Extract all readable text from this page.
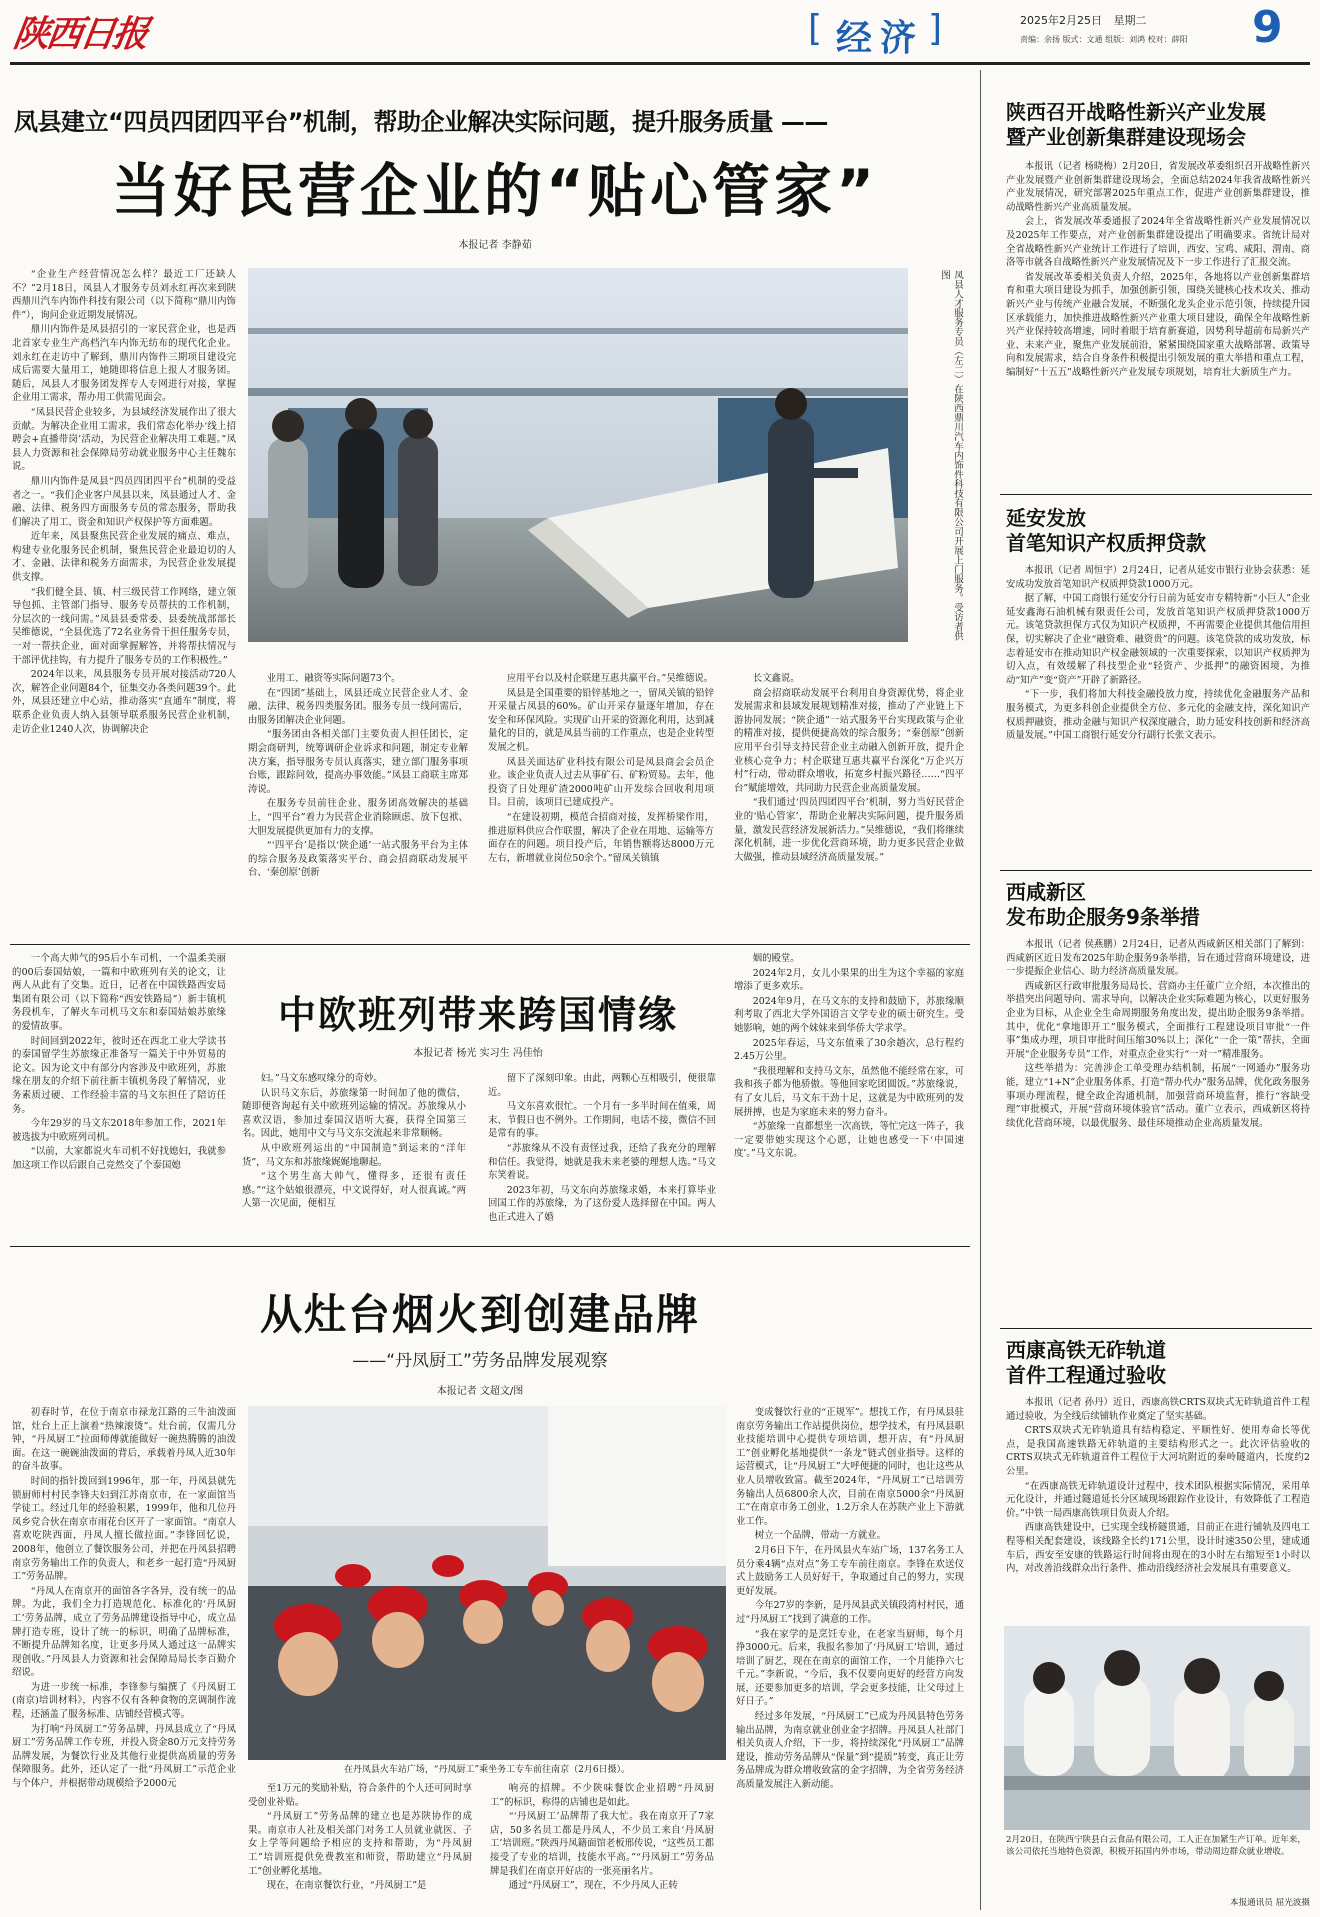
陕西日报	[ 经济 ]	2025年2月25日 星期二
责编：余扬 版式：文通 组版：刘鸿 校对：薛阳 9
凤县建立“四员四团四平台”机制，帮助企业解决实际问题，提升服务质量 ——
当好民营企业的“贴心管家”
本报记者 李静茹
凤县人才服务专员（左二）在陕西鼎川汽车内饰件科技有限公司开展上门服务。受访者供图

“企业生产经营情况怎么样？最近工厂还缺人不？”2月18日，凤县人才服务专员刘永红再次来到陕西鼎川汽车内饰件科技有限公司（以下简称“鼎川内饰件”），询问企业近期发展情况。

鼎川内饰件是凤县招引的一家民营企业，也是西北首家专业生产高档汽车内饰无纺布的现代化企业。刘永红在走访中了解到，鼎川内饰件三期项目建设完成后需要大量用工，她随即将信息上报人才服务团。随后，凤县人才服务团发挥专人专网进行对接，掌握企业用工需求，帮办用工供需见面会。

“凤县民营企业较多，为县域经济发展作出了很大贡献。为解决企业用工需求，我们常态化举办‘线上招聘会+直播带岗’活动，为民营企业解决用工难题。”凤县人力资源和社会保障局劳动就业服务中心主任魏东说。

鼎川内饰件是凤县“四员四团四平台”机制的受益者之一。“我们企业客户凤县以来，凤县通过人才、金融、法律、税务四方面服务专员的常态服务，帮助我们解决了用工、资金和知识产权保护等方面难题。

近年来，凤县聚焦民营企业发展的痛点、难点，构建专业化服务民企机制，聚焦民营企业最迫切的人才、金融、法律和税务方面需求，为民营企业发展提供支撑。

“我们健全县、镇、村三级民营工作网络，建立领导包抓、主管部门指导、服务专员帮扶的工作机制，分层次的一线问需。”凤县县委常委、县委统战部部长吴维德说，“全县优选了72名业务骨干担任服务专员，一对一帮扶企业，面对面掌握解答，并将帮扶情况与干部评优挂钩，有力提升了服务专员的工作积极性。”

2024年以来，凤县服务专员开展对接活动720人次，解答企业问题84个，征集交办各类问题39个。此外，凤县还建立中心站，推动落实“直通车”制度，将联系企业负责人纳入县领导联系服务民营企业机制，走访企业1240人次，协调解决企

业用工、融资等实际问题73个。

在“四团”基础上，凤县还成立民营企业人才、金融、法律、税务四类服务团。服务专员一线问需后，由服务团解决企业问题。

“服务团由各相关部门主要负责人担任团长，定期会商研判，统筹调研企业诉求和问题，制定专业解决方案，指导服务专员认真落实，建立部门服务事项台账，跟踪问效，提高办事效能。”凤县工商联主席郑涛说。

在服务专员前往企业、服务团高效解决的基础上，“四平台”着力为民营企业消除顾虑、放下包袱、大胆发展提供更加有力的支撑。

“‘四平台’是指以‘陕企通’一站式服务平台为主体的综合服务及政策落实平台、商会招商联动发展平台、‘秦创原’创新

应用平台以及村企联建互惠共赢平台。”吴维德说。

凤县是全国重要的铅锌基地之一，留凤关镇的铅锌开采量占凤县的60%。矿山开采存量逐年增加，存在安全和环保风险。实现矿山开采的资源化利用，达到减量化的目的，就是凤县当前的工作重点，也是企业转型发展之机。

凤县关面达矿业科技有限公司是凤县商会会员企业。该企业负责人过去从事矿石、矿粉贸易。去年，他投资了日处理矿渣2000吨矿山开发综合回收利用项目。目前，该项目已建成投产。

“在建设初期，模范合招商对接，发挥桥梁作用，推进原料供应合作联盟，解决了企业在用地、运输等方面存在的问题。项目投产后，年销售额将达8000万元左右，新增就业岗位50余个。”留凤关镇镇

长文鑫说。

商会招商联动发展平台利用自身资源优势，将企业发展需求和县域发展规划精准对接，推动了产业链上下游协同发展；“陕企通”一站式服务平台实现政策与企业的精准对接，提供便捷高效的综合服务；“秦创原”创新应用平台引导支持民营企业主动融入创新开放，提升企业核心竞争力；村企联建互惠共赢平台深化“万企兴万村”行动，带动群众增收，拓宽乡村振兴路径……“四平台”赋能增效，共同助力民营企业高质量发展。

“我们通过‘四员四团四平台’机制，努力当好民营企业的‘贴心管家’，帮助企业解决实际问题，提升服务质量，激发民营经济发展新活力。”吴维德说，“我们将继续深化机制，进一步优化营商环境，助力更多民营企业做大做强，推动县域经济高质量发展。”

中欧班列带来跨国情缘
本报记者 杨光 实习生 冯佳怡

一个高大帅气的95后小车司机，一个温柔美丽的00后泰国姑娘，一篇和中欧班列有关的论文，让两人从此有了交集。近日，记者在中国铁路西安局集团有限公司（以下简称“西安铁路局”）新丰镇机务段机车，了解火车司机马文东和泰国姑娘苏旅缘的爱情故事。

时间回到2022年，彼时还在西北工业大学读书的泰国留学生苏旅缘正准备写一篇关于中外贸易的论文。因为论文中有部分内容涉及中欧班列，苏旅缘在朋友的介绍下前往新丰镇机务段了解情况，业务素质过硬、工作经验丰富的马文东担任了陪访任务。

今年29岁的马文东2018年参加工作，2021年被选拔为中欧班列司机。

“以前，大家都说火车司机不好找媳妇，我就参加这项工作以后跟自己竞然交了个泰国媳

妇。”马文东感叹缘分的奇妙。

认识马文东后，苏旅缘第一时间加了他的微信，随即便咨询起有关中欧班列运输的情况。苏旅缘从小喜欢汉语，参加过泰国汉语听大赛，获得全国第三名。因此，她用中文与马文东交流起来非常顺畅。

从中欧班列运出的“中国制造”到运来的“洋年货”，马文东和苏旅缘娓娓地聊起。

“这个男生高大帅气，懂得多，还很有责任感。”“这个姑娘很漂亮，中文说得好，对人很真诚。”两人第一次见面，便相互

留下了深刻印象。由此，两颗心互相吸引，便很靠近。

马文东喜欢很忙。一个月有一多半时间在值乘，周末、节假日也不例外。工作期间，电话不接，微信不回是常有的事。

“苏旅缘从不没有责怪过我，还给了我充分的理解和信任。我觉得，她就是我未来老婆的理想人选。”马文东笑着说。

2023年初，马文东向苏旅缘求婚，本来打算毕业回国工作的苏旅缘，为了这份爱人选择留在中国。两人也正式进入了婚

姻的殿堂。

2024年2月，女儿小果果的出生为这个幸福的家庭增添了更多欢乐。

2024年9月，在马文东的支持和鼓励下，苏旅缘顺利考取了西北大学外国语言文学专业的硕士研究生。受她影响，她的两个妹妹来到华侨大学求学。

2025年春运，马文东值乘了30余趟次，总行程约2.45万公里。

“我很理解和支持马文东，虽然他不能经常在家，可我和孩子都为他骄傲。等他回家吃团圆饭。”苏旅缘说，有了女儿后，马文东干劲十足，这就是为中欧班列的发展拼搏，也是为家庭未来的努力奋斗。

“苏旅缘一直都想坐一次高铁，等忙完这一阵子，我一定要带她实现这个心愿，让她也感受一下‘中国速度’。”马文东说。

从灶台烟火到创建品牌
——“丹凤厨工”劳务品牌发展观察
本报记者 文超文/图
在丹凤县火车站广场，“丹凤厨工”乘坐务工专车前往南京（2月6日摄）。

初春时节，在位于南京市禄龙江路的三牛油泼面馆，灶台上正上演着“热辣滚烫”。灶台前，仅需几分钟，“丹凤厨工”拉面师傅就能做好一碗热腾腾的油泼面。在这一碗碗油泼面的背后，承载着丹凤人近30年的奋斗故事。

时间的指针拨回到1996年，那一年，丹凤县就先锁厨师村村民李锋夫妇到江苏南京市，在一家面馆当学徒工。经过几年的经验积累，1999年，他和几位丹凤乡党合伙在南京市雨花台区开了一家面馆。“南京人喜欢吃陕西面，丹凤人擅长做拉面。”李锋回忆说，2008年，他创立了餐饮服务公司，并把在丹凤县招聘南京劳务输出工作的负责人，和老乡一起打造“丹凤厨工”劳务品牌。

“丹凤人在南京开的面馆各字各异，没有统一的品牌。为此，我们全力打造规范化、标准化的‘丹凤厨工’劳务品牌，成立了劳务品牌建设指导中心，成立品牌打造专班，设计了统一的标识，明确了品牌标准，不断提升品牌知名度，让更多丹凤人通过这一品牌实现创收。”丹凤县人力资源和社会保障局局长李百勤介绍说。

为进一步统一标准，李锋参与编撰了《丹凤厨工(南京)培训材料》，内容不仅有各种食物的烹调制作流程，还涵盖了服务标准、店铺经营模式等。

为打响“丹凤厨工”劳务品牌，丹凤县成立了“丹凤厨工”劳务品牌工作专班，并投入资金80万元支持劳务品牌发展，为餐饮行业及其他行业提供高质量的劳务保障服务。此外，还认定了一批“丹凤厨工”示范企业与个体户，并根据带动规模给予2000元	至1万元的奖励补贴，符合条件的个人还可同时享受创业补贴。

“丹凤厨工”劳务品牌的建立也是苏陕协作的成果。南京市人社及相关部门对务工人员就业就医、子女上学等问题给予相应的支持和帮助，为“丹凤厨工”培训班提供免费教室和师资，帮助建立“丹凤厨工”创业孵化基地。

现在，在南京餐饮行业，“丹凤厨工”是

响亮的招牌。不少陕味餐饮企业招聘“丹凤厨工”的标识，称得的店铺也是如此。

“‘丹凤厨工’品牌帮了我大忙。我在南京开了7家店，50多名员工都是丹凤人，不少员工来自‘丹凤厨工’培训班。”陕西丹凤籍面馆老板邢传说，“这些员工都接受了专业的培训，技能水平高。”“丹凤厨工”劳务品牌是我们在南京开好店的一张亮丽名片。

通过“丹凤厨工”，现在，不少丹凤人正转

变成餐饮行业的“正规军”。想找工作，有丹凤县驻南京劳务输出工作站提供岗位，想学技术，有丹凤县职业技能培训中心提供专项培训，想开店，有“丹凤厨工”创业孵化基地提供“一条龙”链式创业指导。这样的运营模式，让“丹凤厨工”大呼便捷的同时，也让这些从业人员增收致富。截至2024年，“丹凤厨工”已培训劳务输出人员6800余人次，目前在南京5000余“丹凤厨工”在南京市务工创业，1.2万余人在苏陕产业上下游就业工作。

树立一个品牌，带动一方就业。

2月6日下午，在丹凤县火车站广场，137名务工人员分乘4辆“点对点”务工专车前往南京。李锋在欢送仪式上鼓励务工人员好好干，争取通过自己的努力，实现更好发展。

今年27岁的李新，是丹凤县武关镇段湾村村民，通过“丹凤厨工”找到了满意的工作。

“我在家学的是烹饪专业，在老家当厨师，每个月挣3000元。后来，我报名参加了‘丹凤厨工’培训，通过培训了厨艺，现在在南京的面馆工作，一个月能挣六七千元。”李新说，“今后，我不仅要向更好的经营方向发展，还要参加更多的培训，学会更多技能，让父母过上好日子。”

经过多年发展，“丹凤厨工”已成为丹凤县特色劳务输出品牌，为南京就业创业金字招牌。丹凤县人社部门相关负责人介绍，下一步，将持续深化“丹凤厨工”品牌建设，推动劳务品牌从“保量”到“提质”转变，真正让劳务品牌成为群众增收致富的金字招牌，为全省劳务经济高质量发展注入新动能。

陕西召开战略性新兴产业发展
暨产业创新集群建设现场会

本报讯（记者 杨晓梅）2月20日，省发展改革委组织召开战略性新兴产业发展暨产业创新集群建设现场会，全面总结2024年我省战略性新兴产业发展情况，研究部署2025年重点工作，促进产业创新集群建设，推动战略性新兴产业高质量发展。

会上，省发展改革委通报了2024年全省战略性新兴产业发展情况以及2025年工作要点，对产业创新集群建设提出了明确要求。省统计局对全省战略性新兴产业统计工作进行了培训，西安、宝鸡、咸阳、渭南、商洛等市就各自战略性新兴产业发展情况及下一步工作进行了汇报交流。

省发展改革委相关负责人介绍，2025年，各地将以产业创新集群培育和重大项目建设为抓手，加强创新引领，围绕关键核心技术攻关、推动新兴产业与传统产业融合发展，不断强化龙头企业示范引领，持续提升园区承载能力，加快推进战略性新兴产业重大项目建设，确保全年战略性新兴产业保持较高增速，同时着眼于培育新赛道，因势利导超前布局新兴产业、未来产业，聚焦产业发展前沿，紧紧围绕国家重大战略部署、政策导向和发展需求，结合自身条件积极提出引领发展的重大举措和重点工程，编制好“十五五”战略性新兴产业发展专项规划，培育壮大新质生产力。

延安发放
首笔知识产权质押贷款

本报讯（记者 周恒宇）2月24日，记者从延安市银行业协会获悉：延安成功发放首笔知识产权质押贷款1000万元。

据了解，中国工商银行延安分行日前为延安市专精特新“小巨人”企业延安鑫海石油机械有限责任公司，发放首笔知识产权质押贷款1000万元。该笔贷款担保方式仅为知识产权质押，不再需要企业提供其他信用担保，切实解决了企业“融资难、融资贵”的问题。该笔贷款的成功发放，标志着延安市在推动知识产权金融领域的一次重要探索，以知识产权质押为切入点，有效缓解了科技型企业“轻资产、少抵押”的融资困境，为推动“知产”变“资产”开辟了新路径。

“下一步，我们将加大科技金融投放力度，持续优化金融服务产品和服务模式，为更多科创企业提供全方位、多元化的金融支持，深化知识产权质押融资，推动金融与知识产权深度融合，助力延安科技创新和经济高质量发展。”中国工商银行延安分行副行长张文表示。

西咸新区
发布助企服务9条举措

本报讯（记者 侯燕鹏）2月24日，记者从西咸新区相关部门了解到：西咸新区近日发布2025年助企服务9条举措，旨在通过营商环境建设，进一步提振企业信心、助力经济高质量发展。

西咸新区行政审批服务局局长、营商办主任董广立介绍，本次推出的举措突出问题导向、需求导向，以解决企业实际难题为核心，以更好服务企业为目标，从企业全生命周期服务角度出发，提出助企服务9条举措。其中，优化“拿地即开工”服务模式，全面推行工程建设项目审批“一件事”集成办理，项目审批时间压缩30%以上；深化“一企一策”帮扶，全面开展“企业服务专员”工作，对重点企业实行“一对一”精准服务。

这些举措为：完善涉企工单受理办结机制，拓展“一网通办”服务功能，建立“1+N”企业服务体系，打造“帮办代办”服务品牌，优化政务服务事项办理流程，健全政企沟通机制，加强营商环境监督，推行“容缺受理”审批模式，开展“营商环境体验官”活动。董广立表示，西咸新区将持续优化营商环境，以最优服务、最佳环境推动企业高质量发展。

西康高铁无砟轨道
首件工程通过验收

本报讯（记者 孙丹）近日，西康高铁CRTS双块式无砟轨道首件工程通过验收，为全线后续铺轨作业奠定了坚实基础。

CRTS双块式无砟轨道具有结构稳定、平顺性好、使用寿命长等优点，是我国高速铁路无砟轨道的主要结构形式之一。此次评估验收的CRTS双块式无砟轨道首件工程位于大河坑附近的秦岭隧道内，长度约2公里。

“在西康高铁无砟轨道设计过程中，技术团队根据实际情况，采用单元化设计，并通过隧道延长分区域现场跟踪作业设计，有效降低了工程造价。”中铁一局西康高铁项目负责人介绍。

西康高铁建设中，已实现全线桥隧贯通，目前正在进行铺轨及四电工程等相关配套建设，该线路全长约171公里，设计时速350公里，建成通车后，西安至安康的铁路运行时间将由现在的3小时左右缩短至1小时以内，对改善沿线群众出行条件、推动沿线经济社会发展具有重要意义。

2月20日，在陕西宁陕县白云食品有限公司，工人正在加紧生产订单。近年来，该公司依托当地特色资源，积极开拓国内外市场，带动周边群众就业增收。
本报通讯员 屈光波摄
